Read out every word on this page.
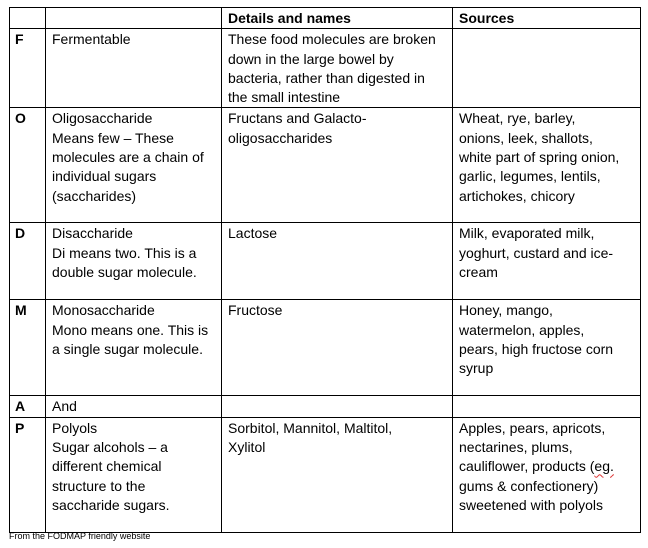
		Details and names	Sources
F	Fermentable	These food molecules are broken
down in the large bowel by
bacteria, rather than digested in
the small intestine	

O	Oligosaccharide
Means few – These
molecules are a chain of
individual sugars
(saccharides)	Fructans and Galacto-
oligosaccharides	Wheat, rye, barley,
onions, leek, shallots,
white part of spring onion,
garlic, legumes, lentils,
artichokes, chicory

D	Disaccharide
Di means two. This is a
double sugar molecule.	Lactose	Milk, evaporated milk,
yoghurt, custard and ice-
cream

M	Monosaccharide
Mono means one. This is
a single sugar molecule.	Fructose	Honey, mango,
watermelon, apples,
pears, high fructose corn
syrup

A	And		

P	Polyols
Sugar alcohols – a
different chemical
structure to the
saccharide sugars.	Sorbitol, Mannitol, Maltitol,
Xylitol	Apples, pears, apricots,
nectarines, plums,
cauliflower, products (eg.
gums & confectionery)
sweetened with polyols
From the FODMAP friendly website
